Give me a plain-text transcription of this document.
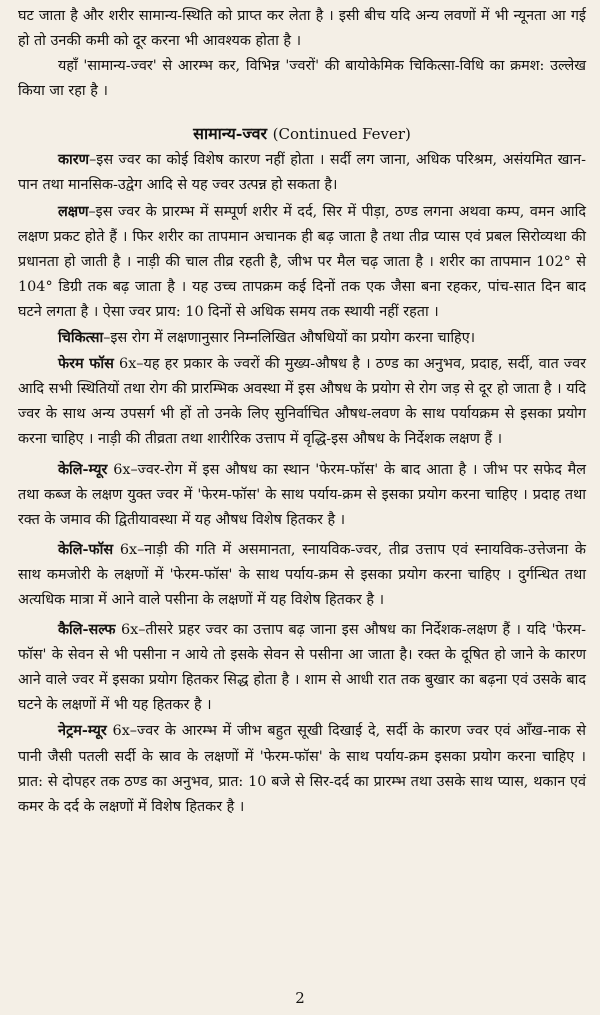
घट जाता है और शरीर सामान्य-स्थिति को प्राप्त कर लेता है । इसी बीच यदि अन्य लवणों में भी न्यूनता आ गई हो तो उनकी कमी को दूर करना भी आवश्यक होता है ।

यहाँ 'सामान्य-ज्वर' से आरम्भ कर, विभिन्न 'ज्वरों' की बायोकेमिक चिकित्सा-विधि का क्रमश: उल्लेख किया जा रहा है ।

सामान्य-ज्वर (Continued Fever)

कारण–इस ज्वर का कोई विशेष कारण नहीं होता । सर्दी लग जाना, अधिक परिश्रम, असंयमित खान-पान तथा मानसिक-उद्वेग आदि से यह ज्वर उत्पन्न हो सकता है।

लक्षण–इस ज्वर के प्रारम्भ में सम्पूर्ण शरीर में दर्द, सिर में पीड़ा, ठण्ड लगना अथवा कम्प, वमन आदि लक्षण प्रकट होते हैं । फिर शरीर का तापमान अचानक ही बढ़ जाता है तथा तीव्र प्यास एवं प्रबल सिरोव्यथा की प्रधानता हो जाती है । नाड़ी की चाल तीव्र रहती है, जीभ पर मैल चढ़ जाता है । शरीर का तापमान 102° से 104° डिग्री तक बढ़ जाता है । यह उच्च तापक्रम कई दिनों तक एक जैसा बना रहकर, पांच-सात दिन बाद घटने लगता है । ऐसा ज्वर प्राय: 10 दिनों से अधिक समय तक स्थायी नहीं रहता ।

चिकित्सा–इस रोग में लक्षणानुसार निम्नलिखित औषधियों का प्रयोग करना चाहिए।

फेरम फॉस 6x–यह हर प्रकार के ज्वरों की मुख्य-औषध है । ठण्ड का अनुभव, प्रदाह, सर्दी, वात ज्वर आदि सभी स्थितियों तथा रोग की प्रारम्भिक अवस्था में इस औषध के प्रयोग से रोग जड़ से दूर हो जाता है । यदि ज्वर के साथ अन्य उपसर्ग भी हों तो उनके लिए सुनिर्वाचित औषध-लवण के साथ पर्यायक्रम से इसका प्रयोग करना चाहिए । नाड़ी की तीव्रता तथा शारीरिक उत्ताप में वृद्धि-इस औषध के निर्देशक लक्षण हैं ।

केलि-म्यूर 6x–ज्वर-रोग में इस औषध का स्थान 'फेरम-फॉस' के बाद आता है । जीभ पर सफेद मैल तथा कब्ज के लक्षण युक्त ज्वर में 'फेरम-फॉस' के साथ पर्याय-क्रम से इसका प्रयोग करना चाहिए । प्रदाह तथा रक्त के जमाव की द्वितीयावस्था में यह औषध विशेष हितकर है ।

केलि-फॉस 6x–नाड़ी की गति में असमानता, स्नायविक-ज्वर, तीव्र उत्ताप एवं स्नायविक-उत्तेजना के साथ कमजोरी के लक्षणों में 'फेरम-फॉस' के साथ पर्याय-क्रम से इसका प्रयोग करना चाहिए । दुर्गन्धित तथा अत्यधिक मात्रा में आने वाले पसीना के लक्षणों में यह विशेष हितकर है ।

कैलि-सल्फ 6x–तीसरे प्रहर ज्वर का उत्ताप बढ़ जाना इस औषध का निर्देशक-लक्षण हैं । यदि 'फेरम-फॉस' के सेवन से भी पसीना न आये तो इसके सेवन से पसीना आ जाता है। रक्त के दूषित हो जाने के कारण आने वाले ज्वर में इसका प्रयोग हितकर सिद्ध होता है । शाम से आधी रात तक बुखार का बढ़ना एवं उसके बाद घटने के लक्षणों में भी यह हितकर है ।

नेट्रम-म्यूर 6x–ज्वर के आरम्भ में जीभ बहुत सूखी दिखाई दे, सर्दी के कारण ज्वर एवं आँख-नाक से पानी जैसी पतली सर्दी के स्राव के लक्षणों में 'फेरम-फॉस' के साथ पर्याय-क्रम इसका प्रयोग करना चाहिए । प्रात: से दोपहर तक ठण्ड का अनुभव, प्रात: 10 बजे से सिर-दर्द का प्रारम्भ तथा उसके साथ प्यास, थकान एवं कमर के दर्द के लक्षणों में विशेष हितकर है ।

2
